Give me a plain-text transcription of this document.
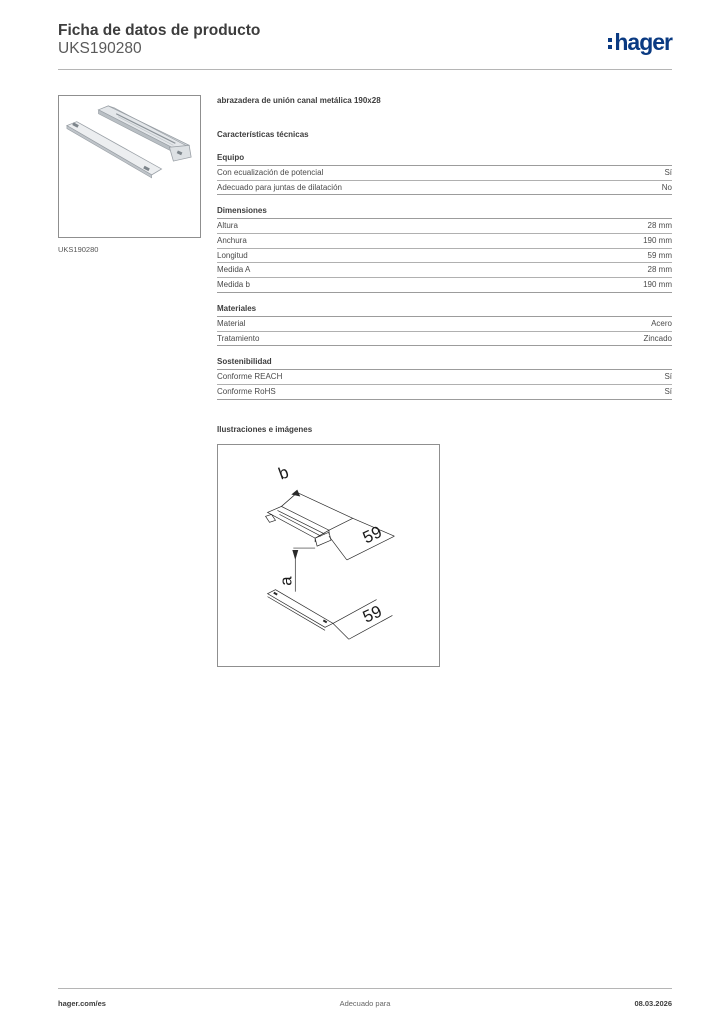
Ficha de datos de producto
UKS190280	hager
UKS190280
abrazadera de unión canal metálica 190x28
Características técnicas
Equipo
Con ecualización de potencial	Sí
Adecuado para juntas de dilatación	No
Dimensiones
Altura	28 mm
Anchura	190 mm
Longitud	59 mm
Medida A	28 mm
Medida b	190 mm
Materiales
Material	Acero
Tratamiento	Zincado
Sostenibilidad
Conforme REACH	Sí
Conforme RoHS	Sí
Ilustraciones e imágenes
b
59
a
59
hager.com/es	Adecuado para	08.03.2026
